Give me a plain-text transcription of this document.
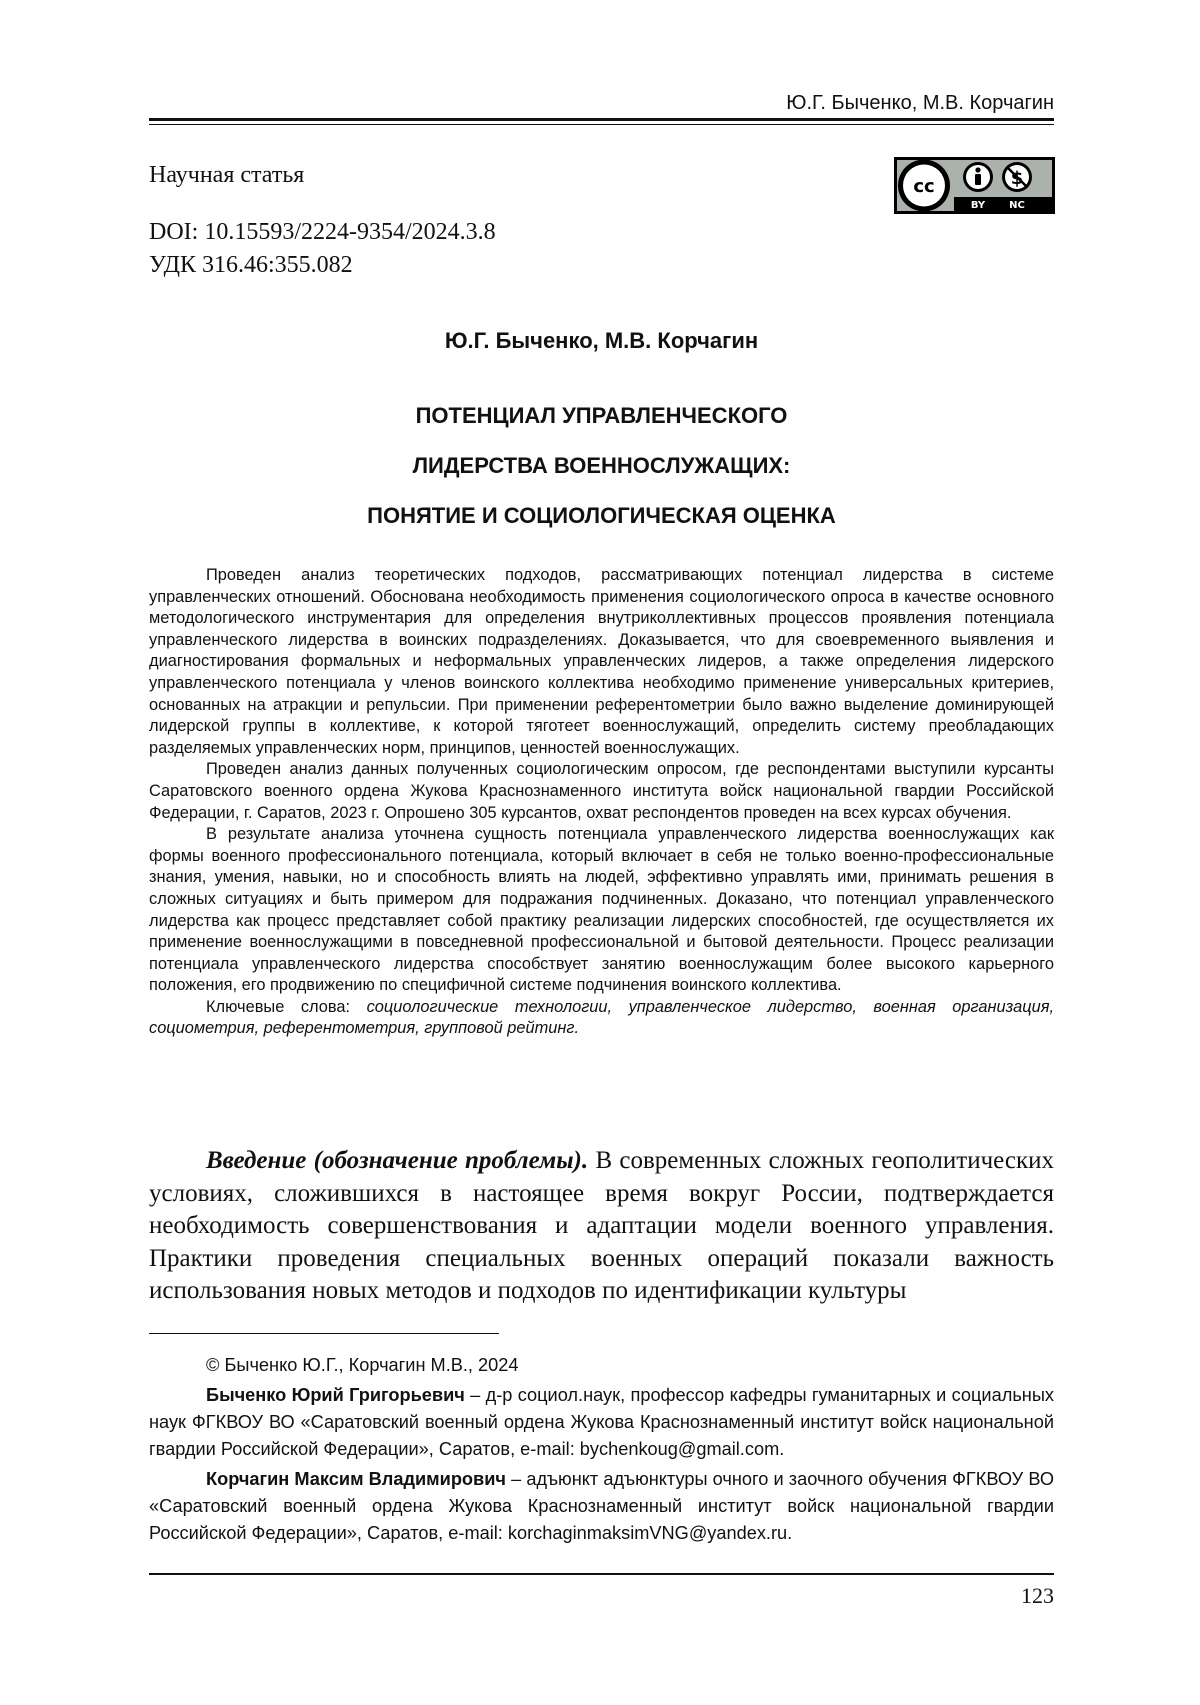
Ю.Г. Быченко, М.В. Корчагин
Научная статья
DOI: 10.15593/2224-9354/2024.3.8
УДК 316.46:355.082
cc
BY NC
Ю.Г. Быченко, М.В. Корчагин
ПОТЕНЦИАЛ УПРАВЛЕНЧЕСКОГО
ЛИДЕРСТВА ВОЕННОСЛУЖАЩИХ:
ПОНЯТИЕ И СОЦИОЛОГИЧЕСКАЯ ОЦЕНКА

Проведен анализ теоретических подходов, рассматривающих потенциал лидерства в системе управленческих отношений. Обоснована необходимость применения социологического опроса в качестве основного методологического инструментария для определения внутриколлективных процессов проявления потенциала управленческого лидерства в воинских подразделениях. Доказывается, что для своевременного выявления и диагностирования формальных и неформальных управленческих лидеров, а также определения лидерского управленческого потенциала у членов воинского коллектива необходимо применение универсальных критериев, основанных на атракции и репульсии. При применении референтометрии было важно выделение доминирующей лидерской группы в коллективе, к которой тяготеет военнослужащий, определить систему преобладающих разделяемых управленческих норм, принципов, ценностей военнослужащих.

Проведен анализ данных полученных социологическим опросом, где респондентами выступили курсанты Саратовского военного ордена Жукова Краснознаменного института войск национальной гвардии Российской Федерации, г. Саратов, 2023 г. Опрошено 305 курсантов, охват респондентов проведен на всех курсах обучения.

В результате анализа уточнена сущность потенциала управленческого лидерства военнослужащих как формы военного профессионального потенциала, который включает в себя не только военно-профессиональные знания, умения, навыки, но и способность влиять на людей, эффективно управлять ими, принимать решения в сложных ситуациях и быть примером для подражания подчиненных. Доказано, что потенциал управленческого лидерства как процесс представляет собой практику реализации лидерских способностей, где осуществляется их применение военнослужащими в повседневной профессиональной и бытовой деятельности. Процесс реализации потенциала управленческого лидерства способствует занятию военнослужащим более высокого карьерного положения, его продвижению по специфичной системе подчинения воинского коллектива.

Ключевые слова: социологические технологии, управленческое лидерство, военная организация, социометрия, референтометрия, групповой рейтинг.

Введение (обозначение проблемы). В современных сложных геополитических условиях, сложившихся в настоящее время вокруг России, подтверждается необходимость совершенствования и адаптации модели военного управления. Практики проведения специальных военных операций показали важность использования новых методов и подходов по идентификации культуры

© Быченко Ю.Г., Корчагин М.В., 2024

Быченко Юрий Григорьевич – д-р социол.наук, профессор кафедры гуманитарных и социальных наук ФГКВОУ ВО «Саратовский военный ордена Жукова Краснознаменный институт войск национальной гвардии Российской Федерации», Саратов, e-mail: bychenkoug@gmail.com.

Корчагин Максим Владимирович – адъюнкт адъюнктуры очного и заочного обучения ФГКВОУ ВО «Саратовский военный ордена Жукова Краснознаменный институт войск национальной гвардии Российской Федерации», Саратов, e-mail: korchaginmaksimVNG@yandex.ru.

123
